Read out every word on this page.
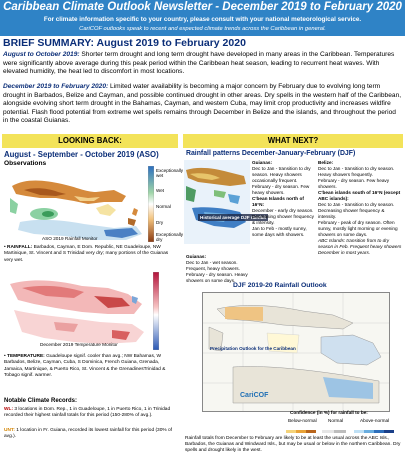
Caribbean Climate Outlook Newsletter - December 2019 to February 2020
For climate information specific to your country, please consult with your national meteorological service.
CariCOF outlooks speak to recent and expected climate trends across the Caribbean in general.
BRIEF SUMMARY: August 2019 to February 2020
August to October 2019: Shorter term drought and long term drought have developed in many areas in the Caribbean. Temperatures were significantly above average during this peak period within the Caribbean heat season, leading to recurrent heat waves. With elevated humidity, the heat led to discomfort in most locations.
December 2019 to February 2020: Limited water availability is becoming a major concern by February due to evolving long term drought in Barbados, Belize and Cayman, and possible continued drought in other areas. Dry spells in the western half of the Caribbean, alongside evolving short term drought in the Bahamas, Cayman, and western Cuba, may limit crop productivity and increases wildfire potential. Flash flood potential from extreme wet spells remains through December in Belize and the islands, and throughout the period in the coastal Guianas.
LOOKING BACK:	WHAT NEXT?
August - September - October 2019 (ASO)
Observations
ASO 2019 Rainfall Monitor
Exceptionally wet
Wet
Normal
Dry
Exceptionally dry
• RAINFALL: Barbados, Cayman, E Dom. Republic, NE Guadeloupe, NW Martinique, St. Vincent and S Trinidad very dry; many portions of the Guianas very wet.
December 2019 Temperature Monitor
• TEMPERATURE: Guadeloupe signif. cooler than avg.; NW Bahamas, W Barbados, Belize, Cayman, Cuba, S Dominica, French Guiana, Grenada, Jamaica, Martinique, & Puerto Rico, St. Vincent & the GrenadinesTrinidad & Tobago signif. warmer.
Notable Climate Records:
WL: 3 locations in Dom. Rep., 1 in Guadeloupe, 1 in Puerto Rico, 1 in Trinidad recorded their highest rainfall totals for this period (150-280% of avg.).
UNT: 1 location in Fr. Guiana, recorded its lowest rainfall for this period (30% of avg.).
Rainfall patterns December-January-February (DJF)
Historical average DJF rainfall
Guianas:
Dec to Jan - wet season. Frequent, heavy showers.
February - dry season. Heavy showers on some days.
Guianas:
Dec to Jan - transition to dry season. Heavy showers occasionally frequent.
February - dry season. Few heavy showers.
C'bean Islands north of 16°N:
December - early dry season. Decreasing shower frequency & intensity.
Jan to Feb - mostly sunny, some days with showers.
Belize:
Dec to Jan - transition to dry season. Heavy showers frequently.
February - dry season. Few heavy showers.
C'bean islands south of 16°N (except ABC islands):
Dec to Jan - transition to dry season. Decreasing shower frequency & intensity.
February - peak of dry season. Often sunny, mostly light morning or evening showers on some days.
ABC Islands: transition from to dry season in Feb. Frequent heavy showers December in most years.
DJF 2019-20 Rainfall Outlook
Precipitation Outlook for the Caribbean
CariCOF
Confidence (in %) for rainfall to be:
Below-normal Normal	Above-normal
Rainfall totals from December to February are likely to be at least the usual across the ABC Isls., Barbados, the Guianas and Windward Isls., but may be usual or below in the northern Caribbean. Dry spells and drought likely in the west.
